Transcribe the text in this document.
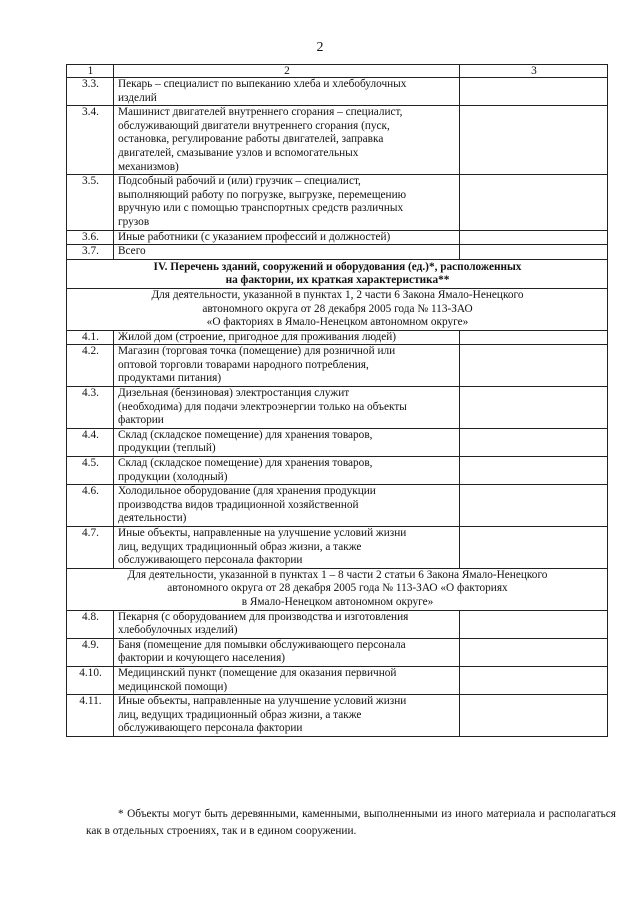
2
1	2	3
3.3.	Пекарь – специалист по выпеканию хлеба и хлебобулочных
изделий	
3.4.	Машинист двигателей внутреннего сгорания – специалист,
обслуживающий двигатели внутреннего сгорания (пуск,
остановка, регулирование работы двигателей, заправка
двигателей, смазывание узлов и вспомогательных
механизмов)	
3.5.	Подсобный рабочий и (или) грузчик – специалист,
выполняющий работу по погрузке, выгрузке, перемещению
вручную или с помощью транспортных средств различных
грузов	
3.6.	Иные работники (с указанием профессий и должностей)	
3.7.	Всего	
IV. Перечень зданий, сооружений и оборудования (ед.)*, расположенных
на фактории, их краткая характеристика**		
Для деятельности, указанной в пунктах 1, 2 части 6 Закона Ямало-Ненецкого
автономного округа от 28 декабря 2005 года № 113-ЗАО
«О факториях в Ямало-Ненецком автономном округе»		
4.1.	Жилой дом (строение, пригодное для проживания людей)	
4.2.	Магазин (торговая точка (помещение) для розничной или
оптовой торговли товарами народного потребления,
продуктами питания)	
4.3.	Дизельная (бензиновая) электростанция служит
(необходима) для подачи электроэнергии только на объекты
фактории	
4.4.	Склад (складское помещение) для хранения товаров,
продукции (теплый)	
4.5.	Склад (складское помещение) для хранения товаров,
продукции (холодный)	
4.6.	Холодильное оборудование (для хранения продукции
производства видов традиционной хозяйственной
деятельности)	
4.7.	Иные объекты, направленные на улучшение условий жизни
лиц, ведущих традиционный образ жизни, а также
обслуживающего персонала фактории	
Для деятельности, указанной в пунктах 1 – 8 части 2 статьи 6 Закона Ямало-Ненецкого
автономного округа от 28 декабря 2005 года № 113-ЗАО «О факториях
в Ямало-Ненецком автономном округе»		
4.8.	Пекарня (с оборудованием для производства и изготовления
хлебобулочных изделий)	
4.9.	Баня (помещение для помывки обслуживающего персонала
фактории и кочующего населения)	
4.10.	Медицинский пункт (помещение для оказания первичной
медицинской помощи)	
4.11.	Иные объекты, направленные на улучшение условий жизни
лиц, ведущих традиционный образ жизни, а также
обслуживающего персонала фактории	
* Объекты могут быть деревянными, каменными, выполненными из иного материала и располагаться как в отдельных строениях, так и в едином сооружении.
